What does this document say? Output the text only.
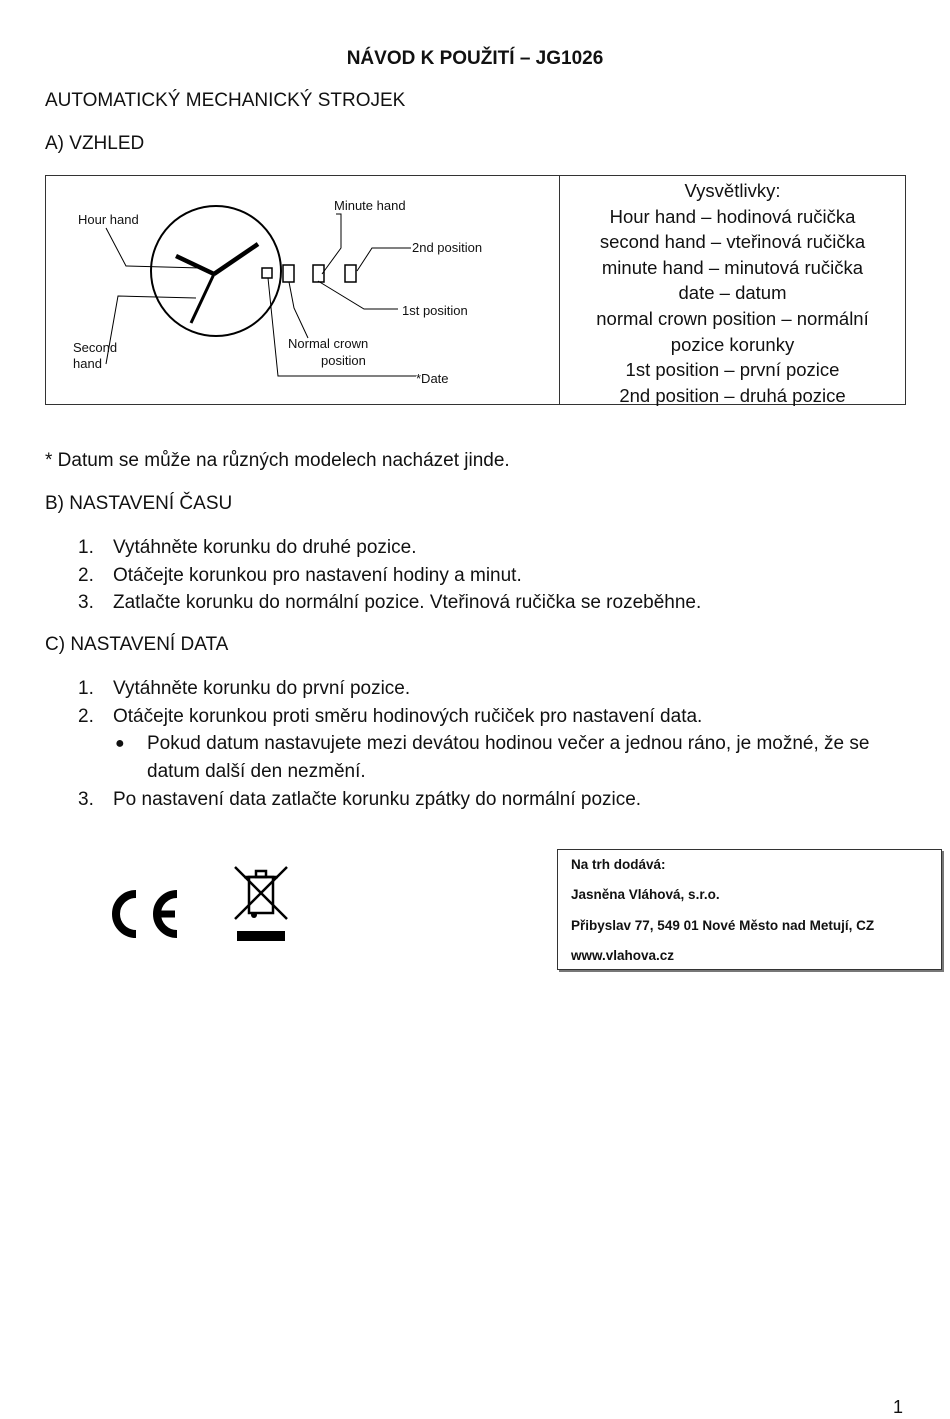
NÁVOD K POUŽITÍ – JG1026
AUTOMATICKÝ MECHANICKÝ STROJEK
A) VZHLED
Hour hand
Minute hand
2nd position
1st position
Second
hand
Normal crown
position
*Date
Vysvětlivky:
Hour hand – hodinová ručička
second hand – vteřinová ručička
minute hand – minutová ručička
date – datum
normal crown position – normální
pozice korunky
1st position – první pozice
2nd position – druhá pozice
* Datum se může na různých modelech nacházet jinde.
B) NASTAVENÍ ČASU
1. Vytáhněte korunku do druhé pozice.
2. Otáčejte korunkou pro nastavení hodiny a minut.
3. Zatlačte korunku do normální pozice. Vteřinová ručička se rozeběhne.
C) NASTAVENÍ DATA
1. Vytáhněte korunku do první pozice.
2. Otáčejte korunkou proti směru hodinových ručiček pro nastavení data.
● Pokud datum nastavujete mezi devátou hodinou večer a jednou ráno, je možné, že se datum další den nezmění.
3. Po nastavení data zatlačte korunku zpátky do normální pozice.
Na trh dodává:
Jasněna Vláhová, s.r.o.
Přibyslav 77, 549 01 Nové Město nad Metují, CZ
www.vlahova.cz
1
